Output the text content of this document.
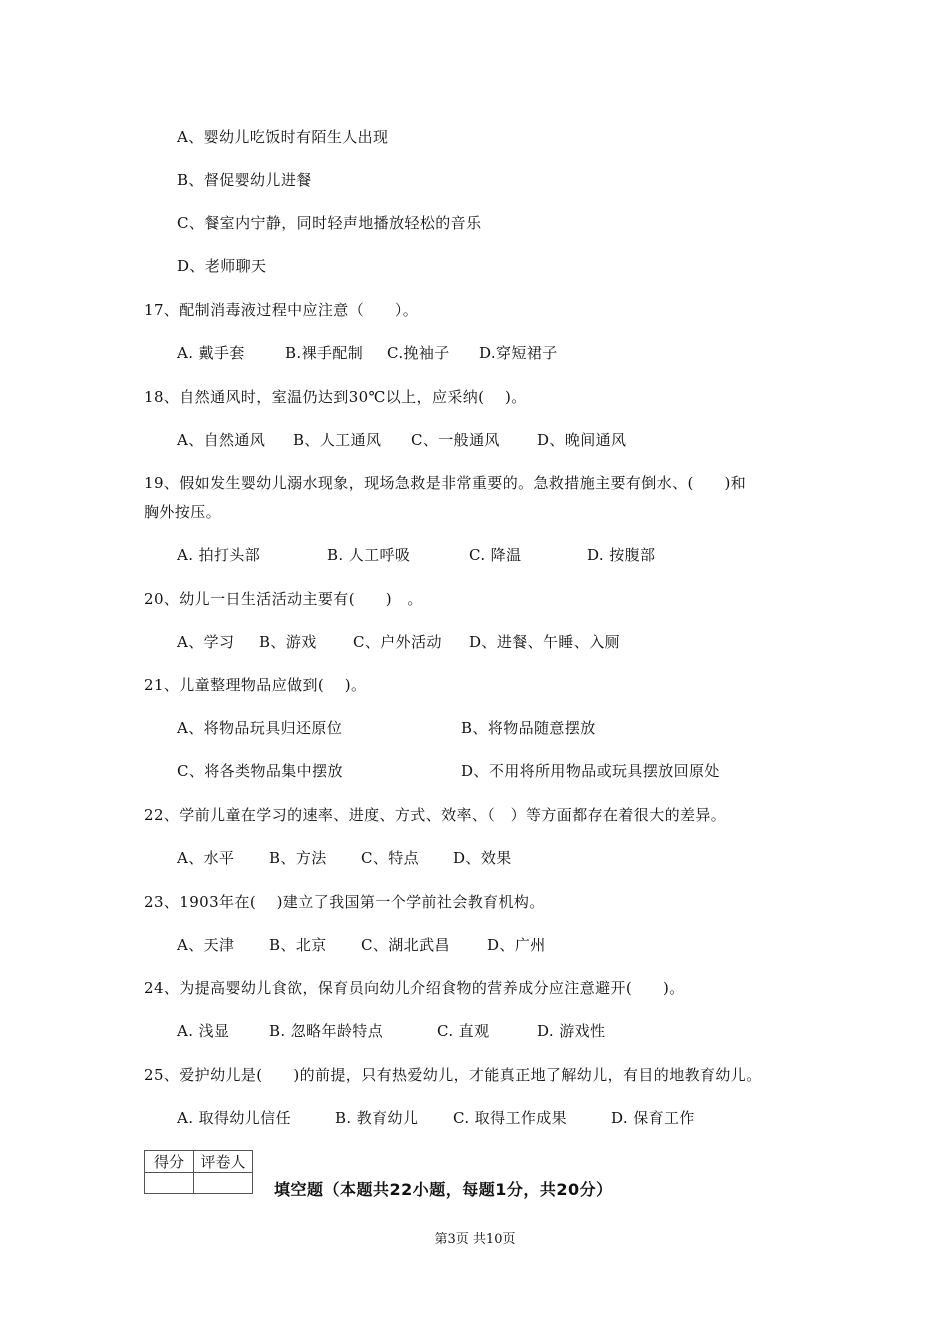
A、婴幼儿吃饭时有陌生人出现
B、督促婴幼儿进餐
C、餐室内宁静，同时轻声地播放轻松的音乐
D、老师聊天
17、配制消毒液过程中应注意（　　）。
A. 戴手套	B.裸手配制 C.挽袖子 D.穿短裙子
18、自然通风时，室温仍达到30℃以上，应采纳(　 )。
A、自然通风 B、人工通风 C、一般通风 D、晚间通风
19、假如发生婴幼儿溺水现象，现场急救是非常重要的。急救措施主要有倒水、(　　)和
胸外按压。
A. 拍打头部	B. 人工呼吸	C. 降温	D. 按腹部
20、幼儿一日生活活动主要有(　　)　。
A、学习 B、游戏 C、户外活动 D、进餐、午睡、入厕
21、儿童整理物品应做到(　 )。
A、将物品玩具归还原位	B、将物品随意摆放
C、将各类物品集中摆放	D、不用将所用物品或玩具摆放回原处
22、学前儿童在学习的速率、进度、方式、效率、（　）等方面都存在着很大的差异。
A、水平 B、方法 C、特点 D、效果
23、1903年在(　 )建立了我国第一个学前社会教育机构。
A、天津 B、北京 C、湖北武昌 D、广州
24、为提高婴幼儿食欲，保育员向幼儿介绍食物的营养成分应注意避开(　　)。
A. 浅显	B. 忽略年龄特点	C. 直观	D. 游戏性
25、爱护幼儿是(　　)的前提，只有热爱幼儿，才能真正地了解幼儿，有目的地教育幼儿。
A. 取得幼儿信任	B. 教育幼儿 C. 取得工作成果	D. 保育工作
得分	评卷人

填空题（本题共22小题，每题1分，共20分）
第3页 共10页
